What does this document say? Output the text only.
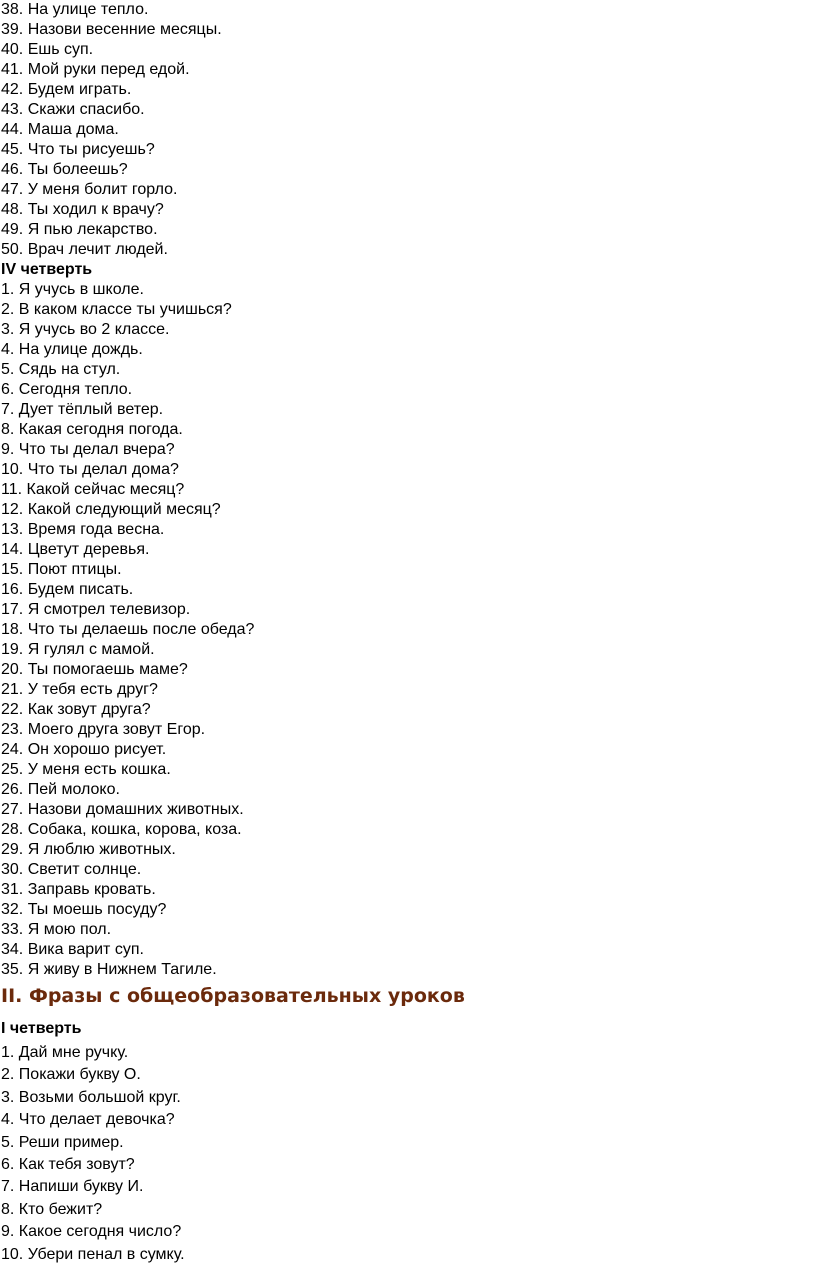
38. На улице тепло.
39. Назови весенние месяцы.
40. Ешь суп.
41. Мой руки перед едой.
42. Будем играть.
43. Скажи спасибо.
44. Маша дома.
45. Что ты рисуешь?
46. Ты болеешь?
47. У меня болит горло.
48. Ты ходил к врачу?
49. Я пью лекарство.
50. Врач лечит людей.
IV четверть
1. Я учусь в школе.
2. В каком классе ты учишься?
3. Я учусь во 2 классе.
4. На улице дождь.
5. Сядь на стул.
6. Сегодня тепло.
7. Дует тёплый ветер.
8. Какая сегодня погода.
9. Что ты делал вчера?
10. Что ты делал дома?
11. Какой сейчас месяц?
12. Какой следующий месяц?
13. Время года весна.
14. Цветут деревья.
15. Поют птицы.
16. Будем писать.
17. Я смотрел телевизор.
18. Что ты делаешь после обеда?
19. Я гулял с мамой.
20. Ты помогаешь маме?
21. У тебя есть друг?
22. Как зовут друга?
23. Моего друга зовут Егор.
24. Он хорошо рисует.
25. У меня есть кошка.
26. Пей молоко.
27. Назови домашних животных.
28. Собака, кошка, корова, коза.
29. Я люблю животных.
30. Светит солнце.
31. Заправь кровать.
32. Ты моешь посуду?
33. Я мою пол.
34. Вика варит суп.
35. Я живу в Нижнем Тагиле.
II. Фразы с общеобразовательных уроков
I четверть
1. Дай мне ручку.
2. Покажи букву О.
3. Возьми большой круг.
4. Что делает девочка?
5. Реши пример.
6. Как тебя зовут?
7. Напиши букву И.
8. Кто бежит?
9. Какое сегодня число?
10. Убери пенал в сумку.
